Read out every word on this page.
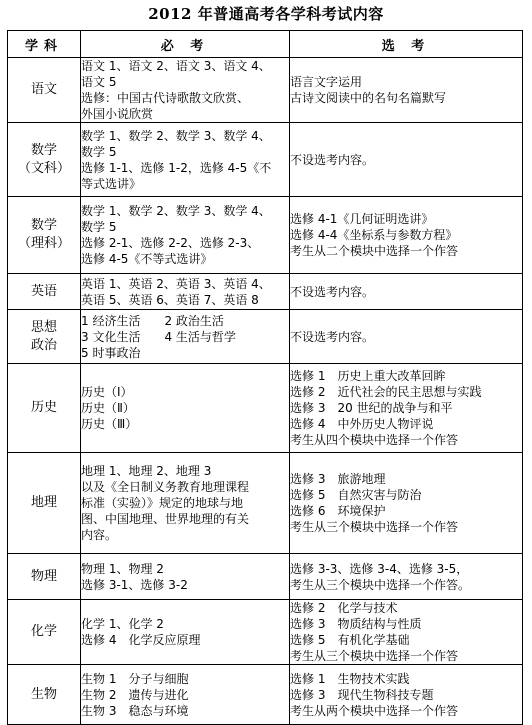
2012 年普通高考各学科考试内容
学科	必 考	选 考

语文	语文 1、语文 2、语文 3、语文 4、
语文 5
选修：中国古代诗歌散文欣赏、
外国小说欣赏	语言文字运用
古诗文阅读中的名句名篇默写

数学
（文科）	数学 1、数学 2、数学 3、数学 4、
数学 5
选修 1-1、选修 1-2，选修 4-5《不
等式选讲》	不设选考内容。

数学
（理科）	数学 1、数学 2、数学 3、数学 4、
数学 5
选修 2-1、选修 2-2、选修 2-3、
选修 4-5《不等式选讲》	选修 4-1《几何证明选讲》
选修 4-4《坐标系与参数方程》
考生从二个模块中选择一个作答

英语	英语 1、英语 2、英语 3、英语 4、
英语 5、英语 6、英语 7、英语 8	不设选考内容。

思想
政治	1 经济生活　　2 政治生活
3 文化生活　　4 生活与哲学
5 时事政治	不设选考内容。

历史	历史（Ⅰ）
历史（Ⅱ）
历史（Ⅲ）	选修 1　历史上重大改革回眸
选修 2　近代社会的民主思想与实践
选修 3　20 世纪的战争与和平
选修 4　中外历史人物评说
考生从四个模块中选择一个作答

地理	地理 1、地理 2、地理 3
以及《全日制义务教育地理课程
标准（实验）》规定的地球与地
图、中国地理、世界地理的有关
内容。	选修 3　旅游地理
选修 5　自然灾害与防治
选修 6　环境保护
考生从三个模块中选择一个作答

物理	物理 1、物理 2
选修 3-1、选修 3-2	选修 3-3、选修 3-4、选修 3-5，
考生从三个模块中选择一个作答。

化学	化学 1、化学 2
选修 4　化学反应原理	选修 2　化学与技术
选修 3　物质结构与性质
选修 5　有机化学基础
考生从三个模块中选择一个作答

生物	生物 1　分子与细胞
生物 2　遗传与进化
生物 3　稳态与环境	选修 1　生物技术实践
选修 3　现代生物科技专题
考生从两个模块中选择一个作答
